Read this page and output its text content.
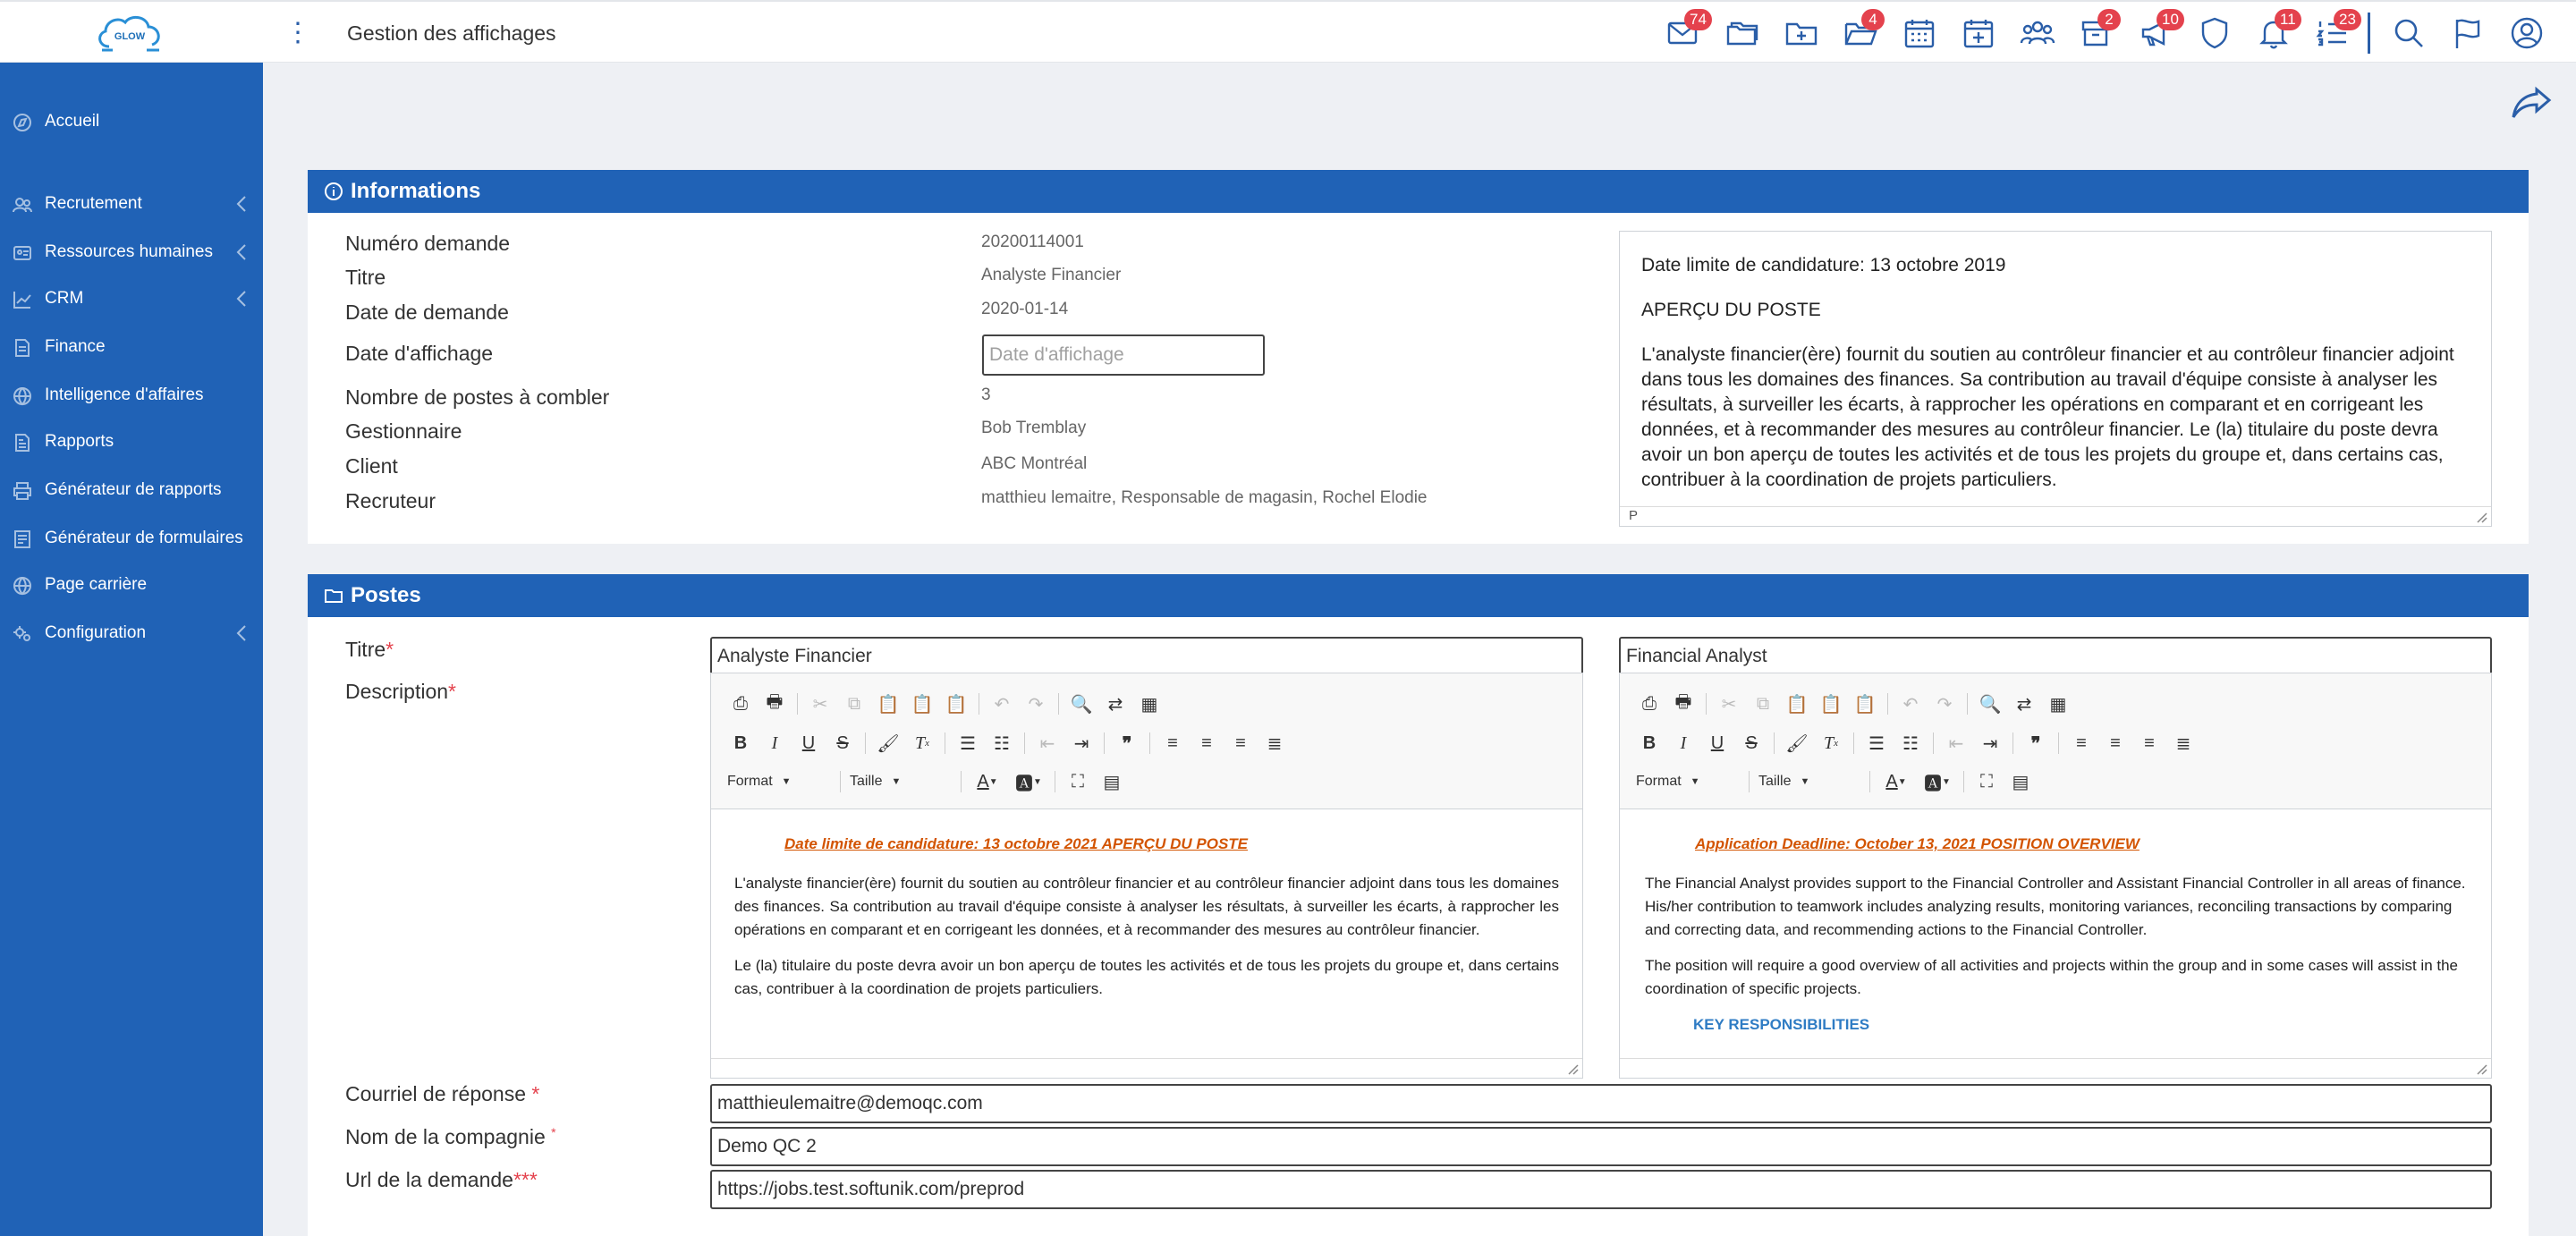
GLOW	⋮ Gestion des affichages
74	4	2	10	11	23
Accueil
Recrutement
Ressources humaines
CRM
Finance
Intelligence d'affaires
Rapports
Générateur de rapports
Générateur de formulaires
Page carrière
Configuration
Informations
Numéro demande	20200114001
Titre	Analyste Financier
Date de demande	2020-01-14
Date d'affichage
Date d'affichage
Nombre de postes à combler	3
Gestionnaire	Bob Tremblay
Client	ABC Montréal
Recruteur	matthieu lemaitre, Responsable de magasin, Rochel Elodie

Date limite de candidature: 13 octobre 2019

APERÇU DU POSTE

L'analyste financier(ère) fournit du soutien au contrôleur financier et au contrôleur financier adjoint dans tous les domaines des finances. Sa contribution au travail d'équipe consiste à analyser les résultats, à surveiller les écarts, à rapprocher les opérations en comparant et en corrigeant les données, et à recommander des mesures au contrôleur financier. Le (la) titulaire du poste devra avoir un bon aperçu de toutes les activités et de tous les projets du groupe et, dans certains cas, contribuer à la coordination de projets particuliers.

P
Postes
Titre*
Description*
Analyste Financier
Financial Analyst
⎙	🖶	✂	⧉ 📋 📋 📋	↶	↷	🔍 ⇄	▦
B	I	U	S	🖌 T x	☰	☷	⇤	⇥	❞	≡	≡	≡	≣
Format ▼	Taille ▼	A ▼ 🅰 ▼	⛶	▤
Date limite de candidature: 13 octobre 2021 APERÇU DU POSTE

L'analyste financier(ère) fournit du soutien au contrôleur financier et au contrôleur financier adjoint dans tous les domaines des finances. Sa contribution au travail d'équipe consiste à analyser les résultats, à surveiller les écarts, à rapprocher les opérations en comparant et en corrigeant les données, et à recommander des mesures au contrôleur financier.

Le (la) titulaire du poste devra avoir un bon aperçu de toutes les activités et de tous les projets du groupe et, dans certains cas, contribuer à la coordination de projets particuliers.

⎙	🖶	✂	⧉ 📋 📋 📋	↶	↷	🔍 ⇄	▦
B	I	U	S	🖌 T x	☰	☷	⇤	⇥	❞	≡	≡	≡	≣
Format ▼	Taille ▼	A ▼ 🅰 ▼	⛶	▤
Application Deadline: October 13, 2021 POSITION OVERVIEW

The Financial Analyst provides support to the Financial Controller and Assistant Financial Controller in all areas of finance. His/her contribution to teamwork includes analyzing results, monitoring variances, reconciling transactions by comparing and correcting data, and recommending actions to the Financial Controller.

The position will require a good overview of all activities and projects within the group and in some cases will assist in the coordination of specific projects.

KEY RESPONSIBILITIES
Courriel de réponse *
matthieulemaitre@demoqc.com
Nom de la compagnie *
Demo QC 2
Url de la demande***
https://jobs.test.softunik.com/preprod
